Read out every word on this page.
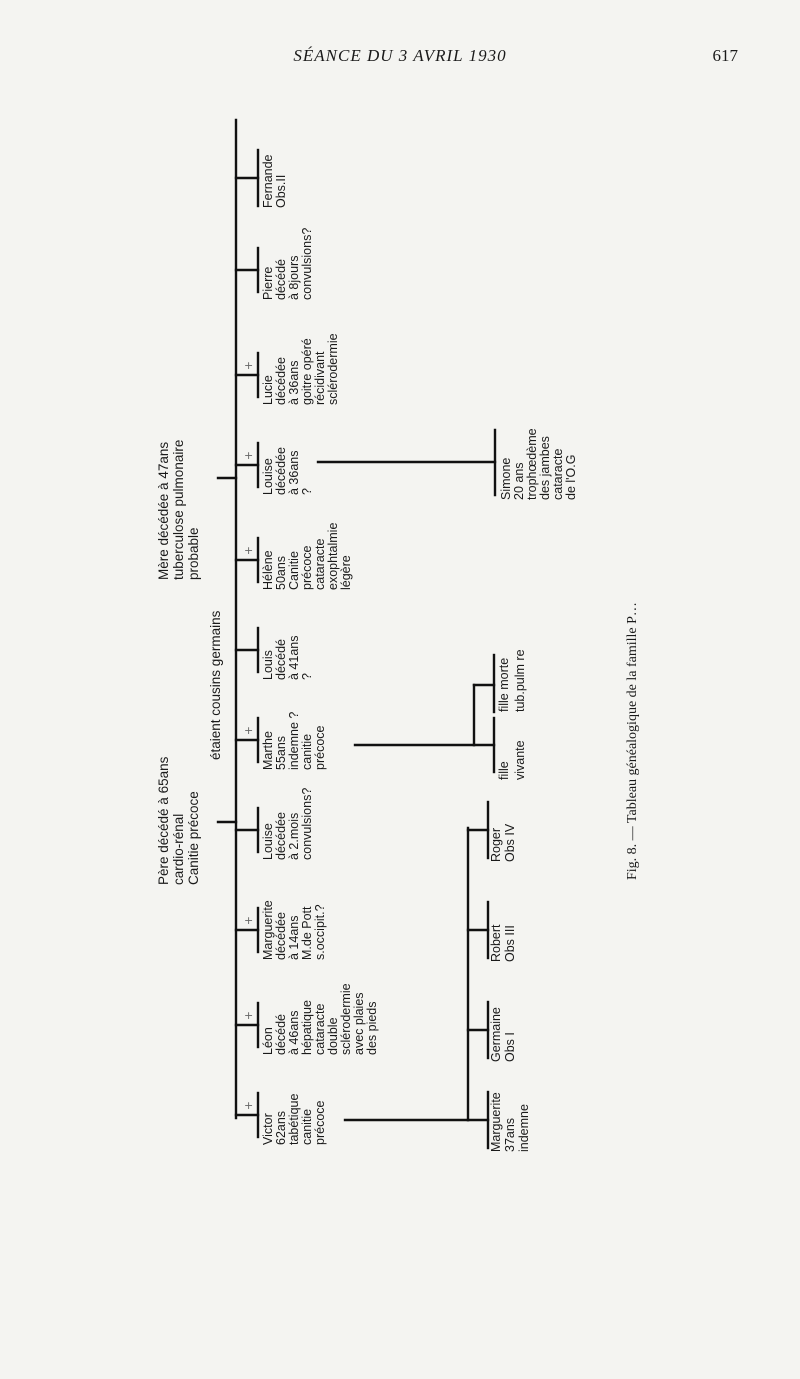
SÉANCE DU 3 AVRIL 1930	617
Victor 62ans tabétique canitie précoce
+
Léon décédé à 46ans hépatique cataracte double sclérodermie avec plaies des pieds
+
Marguerite décédée à 14ans M.de Pott s.occipit.?
+
Louise décédée à 2.mois convulsions?
Marthe 55ans indemne ? canitie précoce
+
Louis décédé à 41ans ?
Hélène 50ans Canitie précoce cataracte exophtalmie légère
+
Louise décédée à 36ans ?
+
Lucie décédée à 36ans goitre opéré récidivant sclérodermie
+
Pierre décédé à 8jours convulsions?
Fernande Obs.II
Père décédé à 65ans cardio-rénal Canitie précoce
étaient cousins germains
Mère décédée à 47ans tuberculose pulmonaire probable
Marguerite 37ans indemne
Germaine Obs I
Robert Obs III
Roger Obs IV
fille vivante
fille morte tub.pulm re
Simone 20 ans trophœdème des jambes cataracte de l'O.G
Fig. 8. — Tableau généalogique de la famille P…
